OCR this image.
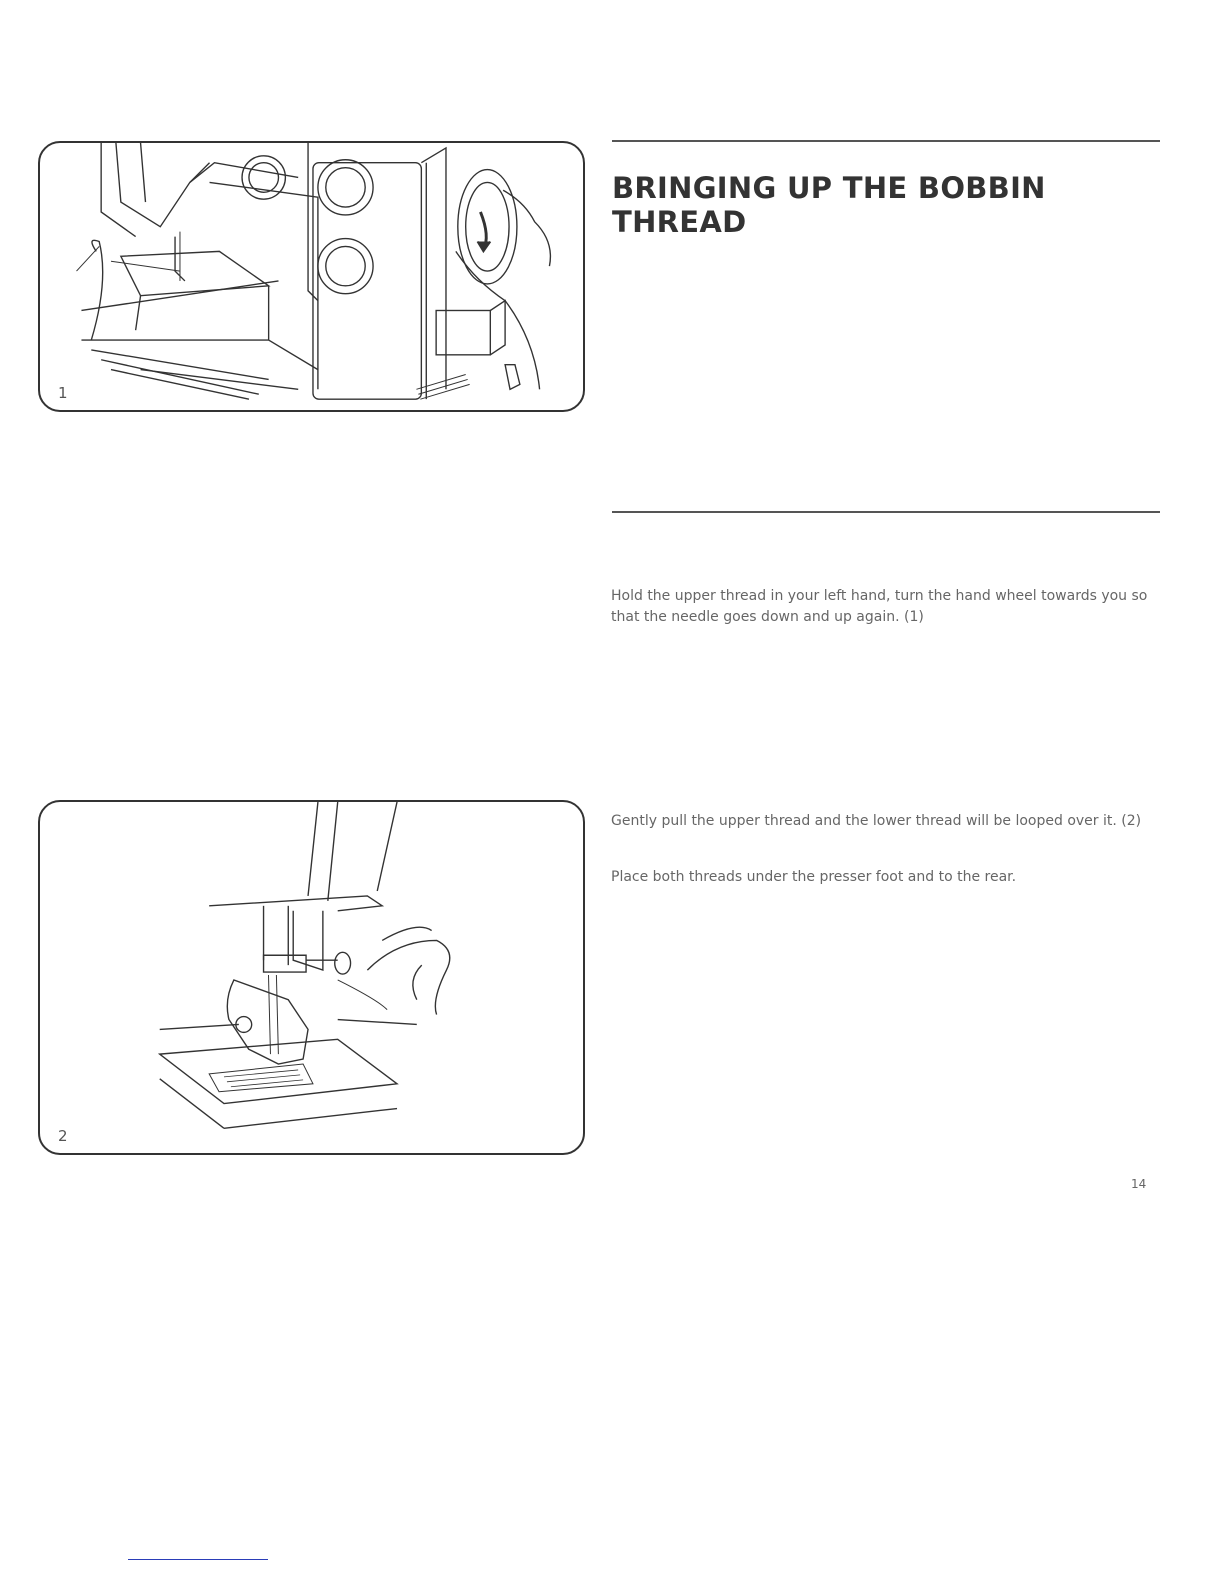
1
2
BRINGING UP THE BOBBIN
THREAD

Hold the upper thread in your left hand, turn the hand wheel towards you so that the needle goes down and up again. (1)

Gently pull the upper thread and the lower thread will be looped over it. (2)

Place both threads under the presser foot and to the rear.

14
